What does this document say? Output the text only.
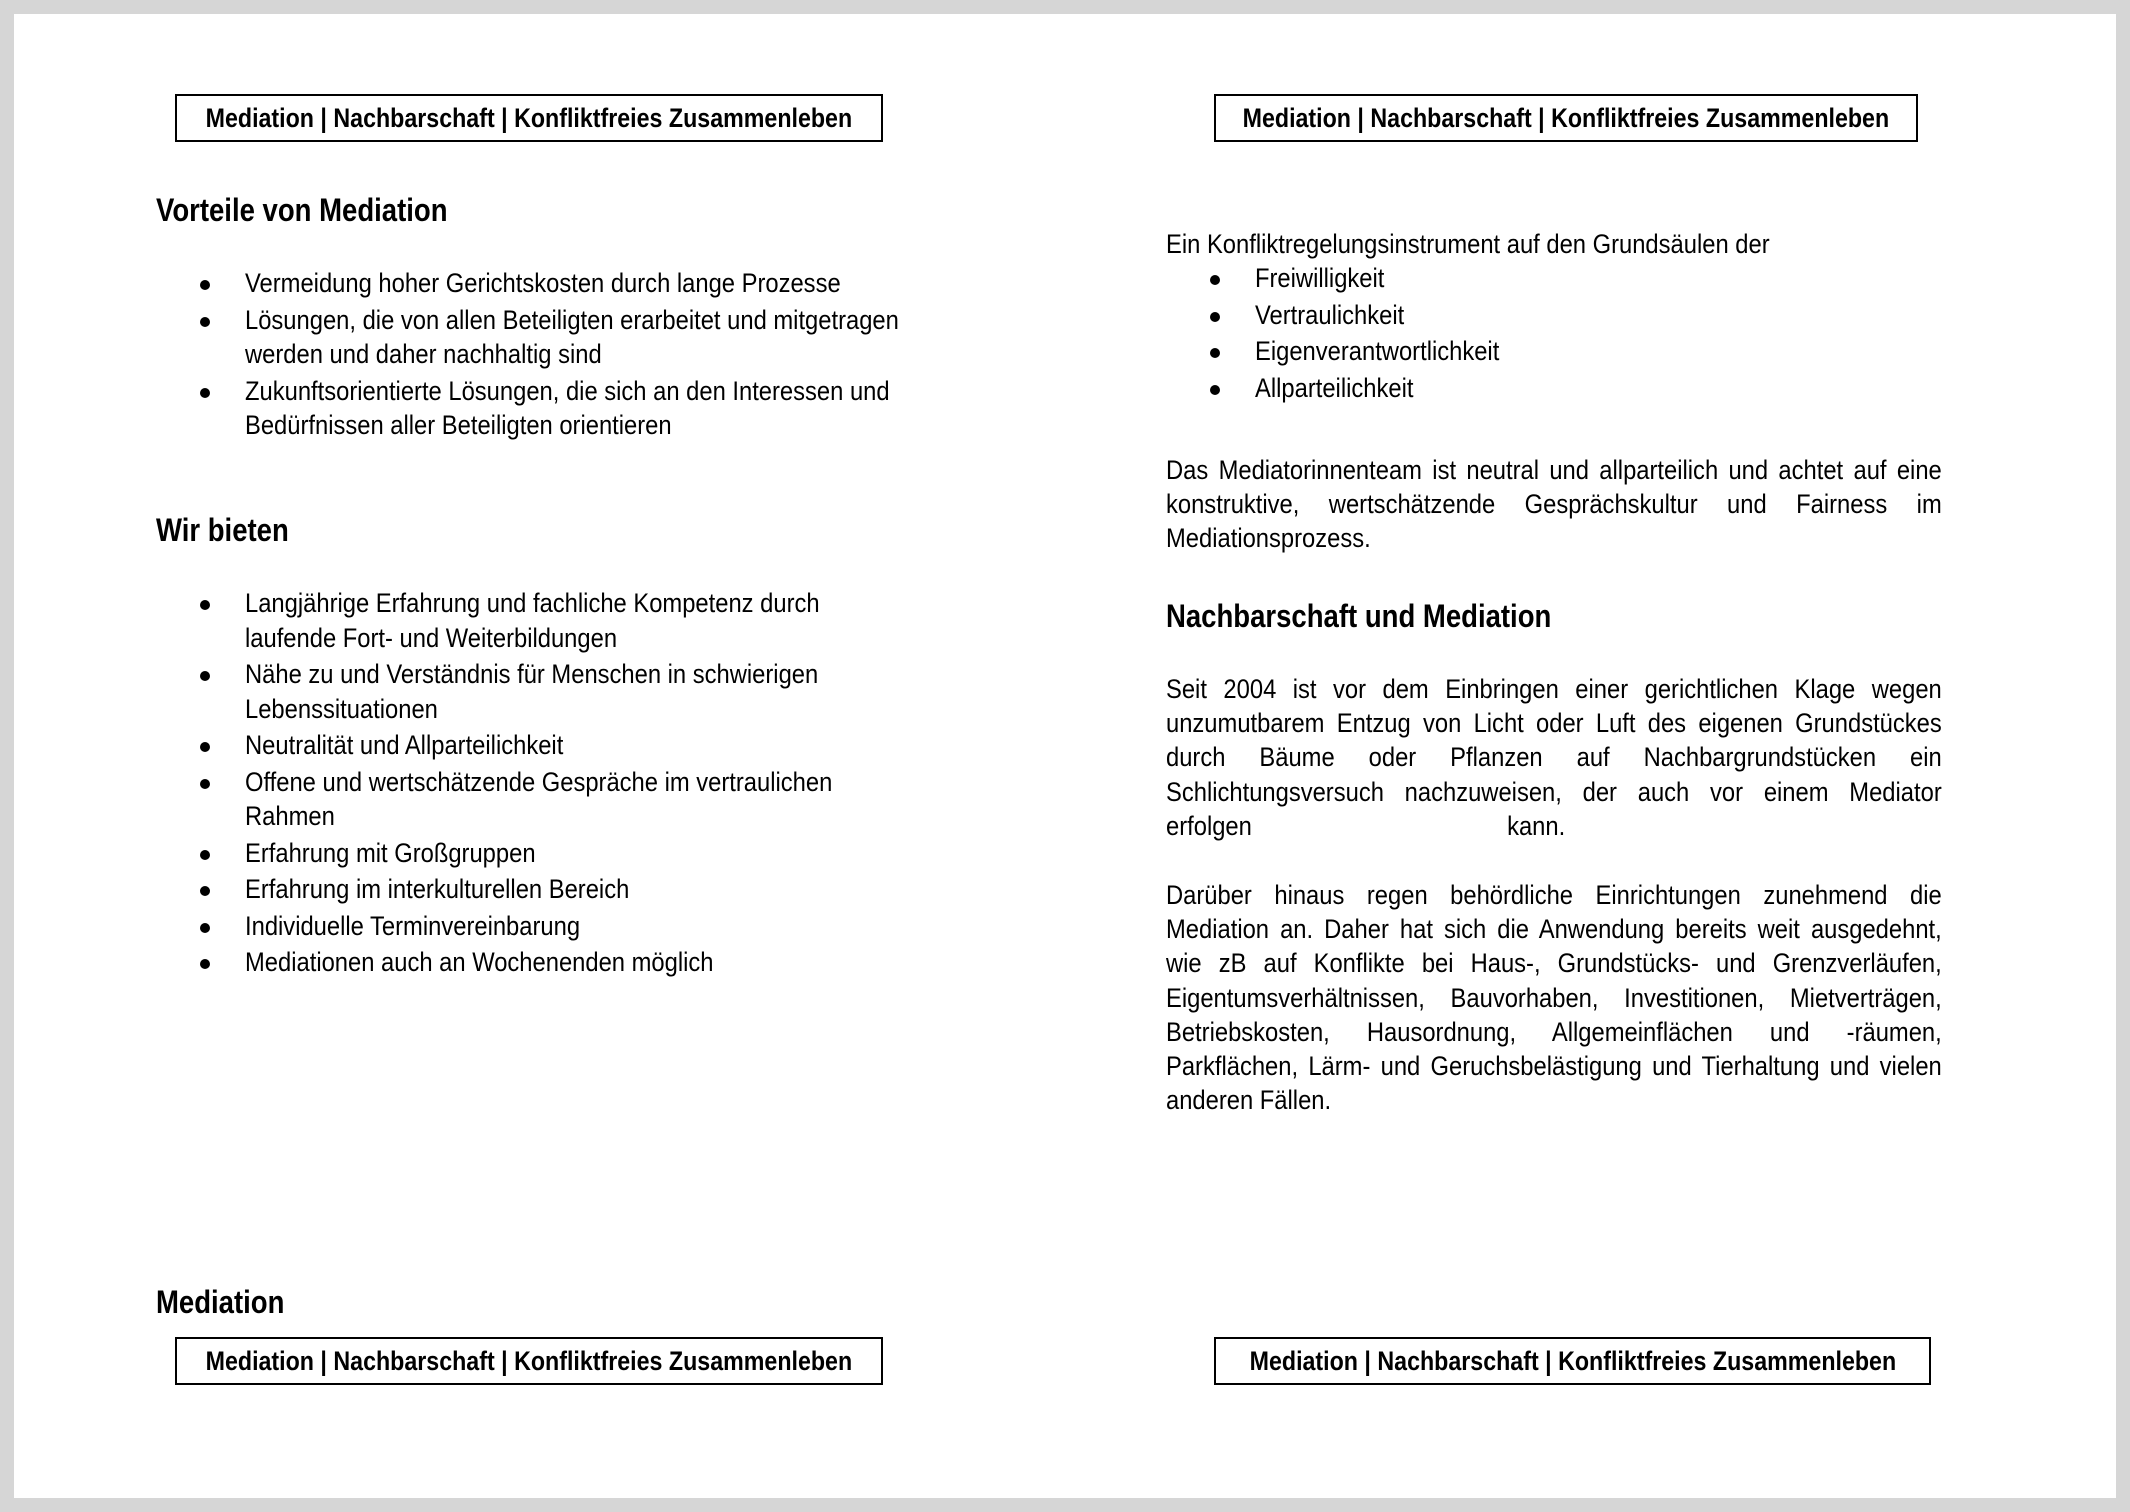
Mediation | Nachbarschaft | Konfliktfreies Zusammenleben
Vorteile von Mediation
Vermeidung hoher Gerichtskosten durch lange Prozesse
Lösungen, die von allen Beteiligten erarbeitet und mitgetragen werden und daher nachhaltig sind
Zukunftsorientierte Lösungen, die sich an den Interessen und Bedürfnissen aller Beteiligten orientieren
Wir bieten
Langjährige Erfahrung und fachliche Kompetenz durch laufende Fort- und Weiterbildungen
Nähe zu und Verständnis für Menschen in schwierigen Lebenssituationen
Neutralität und Allparteilichkeit
Offene und wertschätzende Gespräche im vertraulichen Rahmen
Erfahrung mit Großgruppen
Erfahrung im interkulturellen Bereich
Individuelle Terminvereinbarung
Mediationen auch an Wochenenden möglich
Mediation
Mediation | Nachbarschaft | Konfliktfreies Zusammenleben
Mediation | Nachbarschaft | Konfliktfreies Zusammenleben

Ein Konfliktregelungsinstrument auf den Grundsäulen der

Freiwilligkeit
Vertraulichkeit
Eigenverantwortlichkeit
Allparteilichkeit

Das Mediatorinnenteam ist neutral und allparteilich und achtet auf eine konstruktive, wertschätzende Gesprächskultur und Fairness im Mediationsprozess.

Nachbarschaft und Mediation

Seit 2004 ist vor dem Einbringen einer gerichtlichen Klage wegen unzumutbarem Entzug von Licht oder Luft des eigenen Grundstückes durch Bäume oder Pflanzen auf Nachbargrundstücken ein Schlichtungsversuch nachzuweisen, der auch vor einem Mediator erfolgen	kann.

Darüber hinaus regen behördliche Einrichtungen zunehmend die Mediation an. Daher hat sich die Anwendung bereits weit ausgedehnt, wie zB auf Konflikte bei Haus-, Grundstücks- und Grenzverläufen, Eigentumsverhältnissen, Bauvorhaben, Investitionen, Mietverträgen, Betriebskosten, Hausordnung, Allgemeinflächen und -räumen, Parkflächen, Lärm- und Geruchsbelästigung und Tierhaltung und vielen anderen Fällen.

Mediation | Nachbarschaft | Konfliktfreies Zusammenleben
